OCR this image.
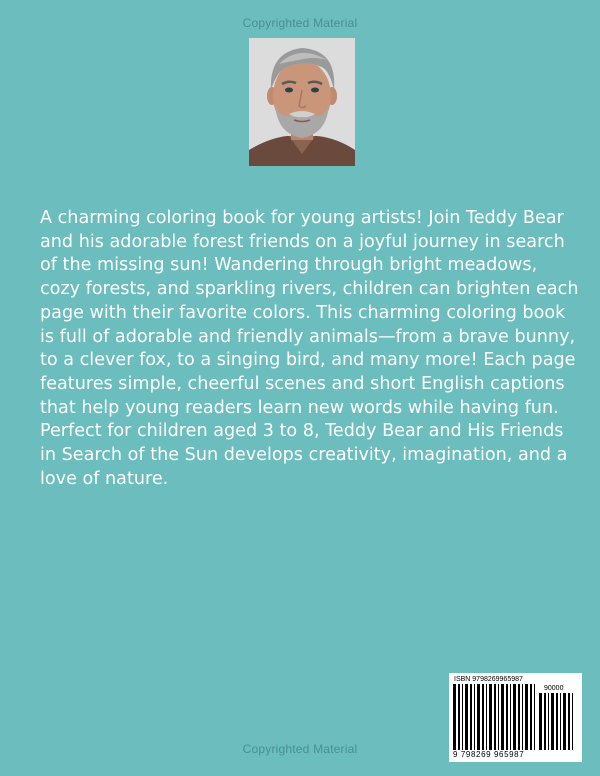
Copyrighted Material

A charming coloring book for young artists! Join Teddy Bear and his adorable forest friends on a joyful journey in search of the missing sun! Wandering through bright meadows, cozy forests, and sparkling rivers, children can brighten each page with their favorite colors. This charming coloring book is full of adorable and friendly animals—from a brave bunny, to a clever fox, to a singing bird, and many more! Each page features simple, cheerful scenes and short English captions that help young readers learn new words while having fun. Perfect for children aged 3 to 8, Teddy Bear and His Friends in Search of the Sun develops creativity, imagination, and a love of nature.

Copyrighted Material
ISBN 9798269965987
90000
9 798269 965987
